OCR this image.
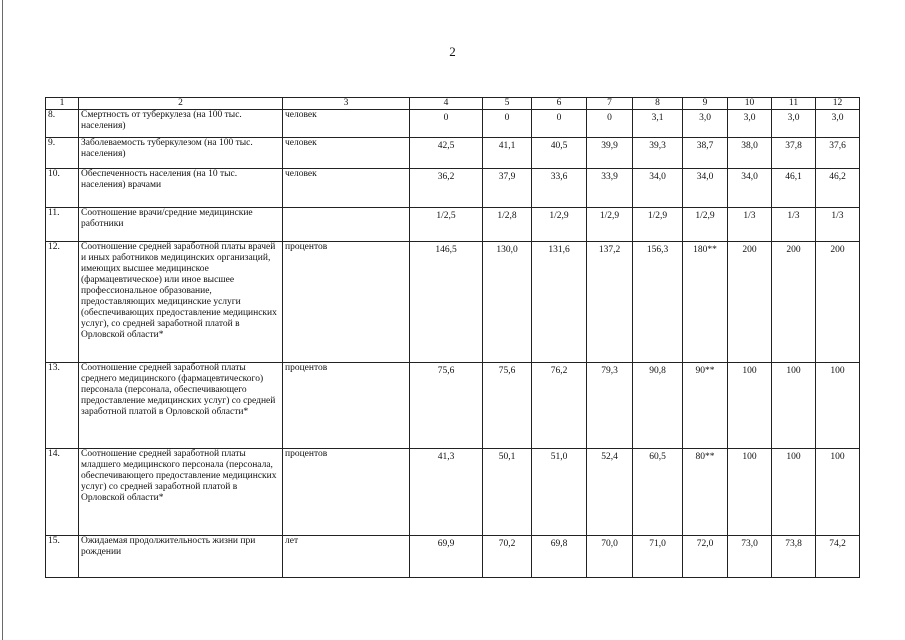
2
1	2	3	4	5	6	7	8	9	10	11	12
8.	Смертность от туберкулеза (на 100 тыс. населения)	человек	0	0	0	0	3,1	3,0	3,0	3,0	3,0
9.	Заболеваемость туберкулезом (на 100 тыс. населения)	человек	42,5	41,1	40,5	39,9	39,3	38,7	38,0	37,8	37,6
10.	Обеспеченность населения (на 10 тыс. населения) врачами	человек	36,2	37,9	33,6	33,9	34,0	34,0	34,0	46,1	46,2
11.	Соотношение врачи/средние медицинские работники		1/2,5	1/2,8	1/2,9	1/2,9	1/2,9	1/2,9	1/3	1/3	1/3
12.	Соотношение средней заработной платы врачей и иных работников медицинских организаций, имеющих высшее медицинское (фармацевтическое) или иное высшее профессиональное образование, предоставляющих медицинские услуги (обеспечивающих предоставление медицинских услуг), со средней заработной платой в Орловской области*	процентов	146,5	130,0	131,6	137,2	156,3	180**	200	200	200
13.	Соотношение средней заработной платы среднего медицинского (фармацевтического) персонала (персонала, обеспечивающего предоставление медицинских услуг) со средней заработной платой в Орловской области*	процентов	75,6	75,6	76,2	79,3	90,8	90**	100	100	100
14.	Соотношение средней заработной платы младшего медицинского персонала (персонала, обеспечивающего предоставление медицинских услуг) со средней заработной платой в Орловской области*	процентов	41,3	50,1	51,0	52,4	60,5	80**	100	100	100
15.	Ожидаемая продолжительность жизни при рождении	лет	69,9	70,2	69,8	70,0	71,0	72,0	73,0	73,8	74,2
